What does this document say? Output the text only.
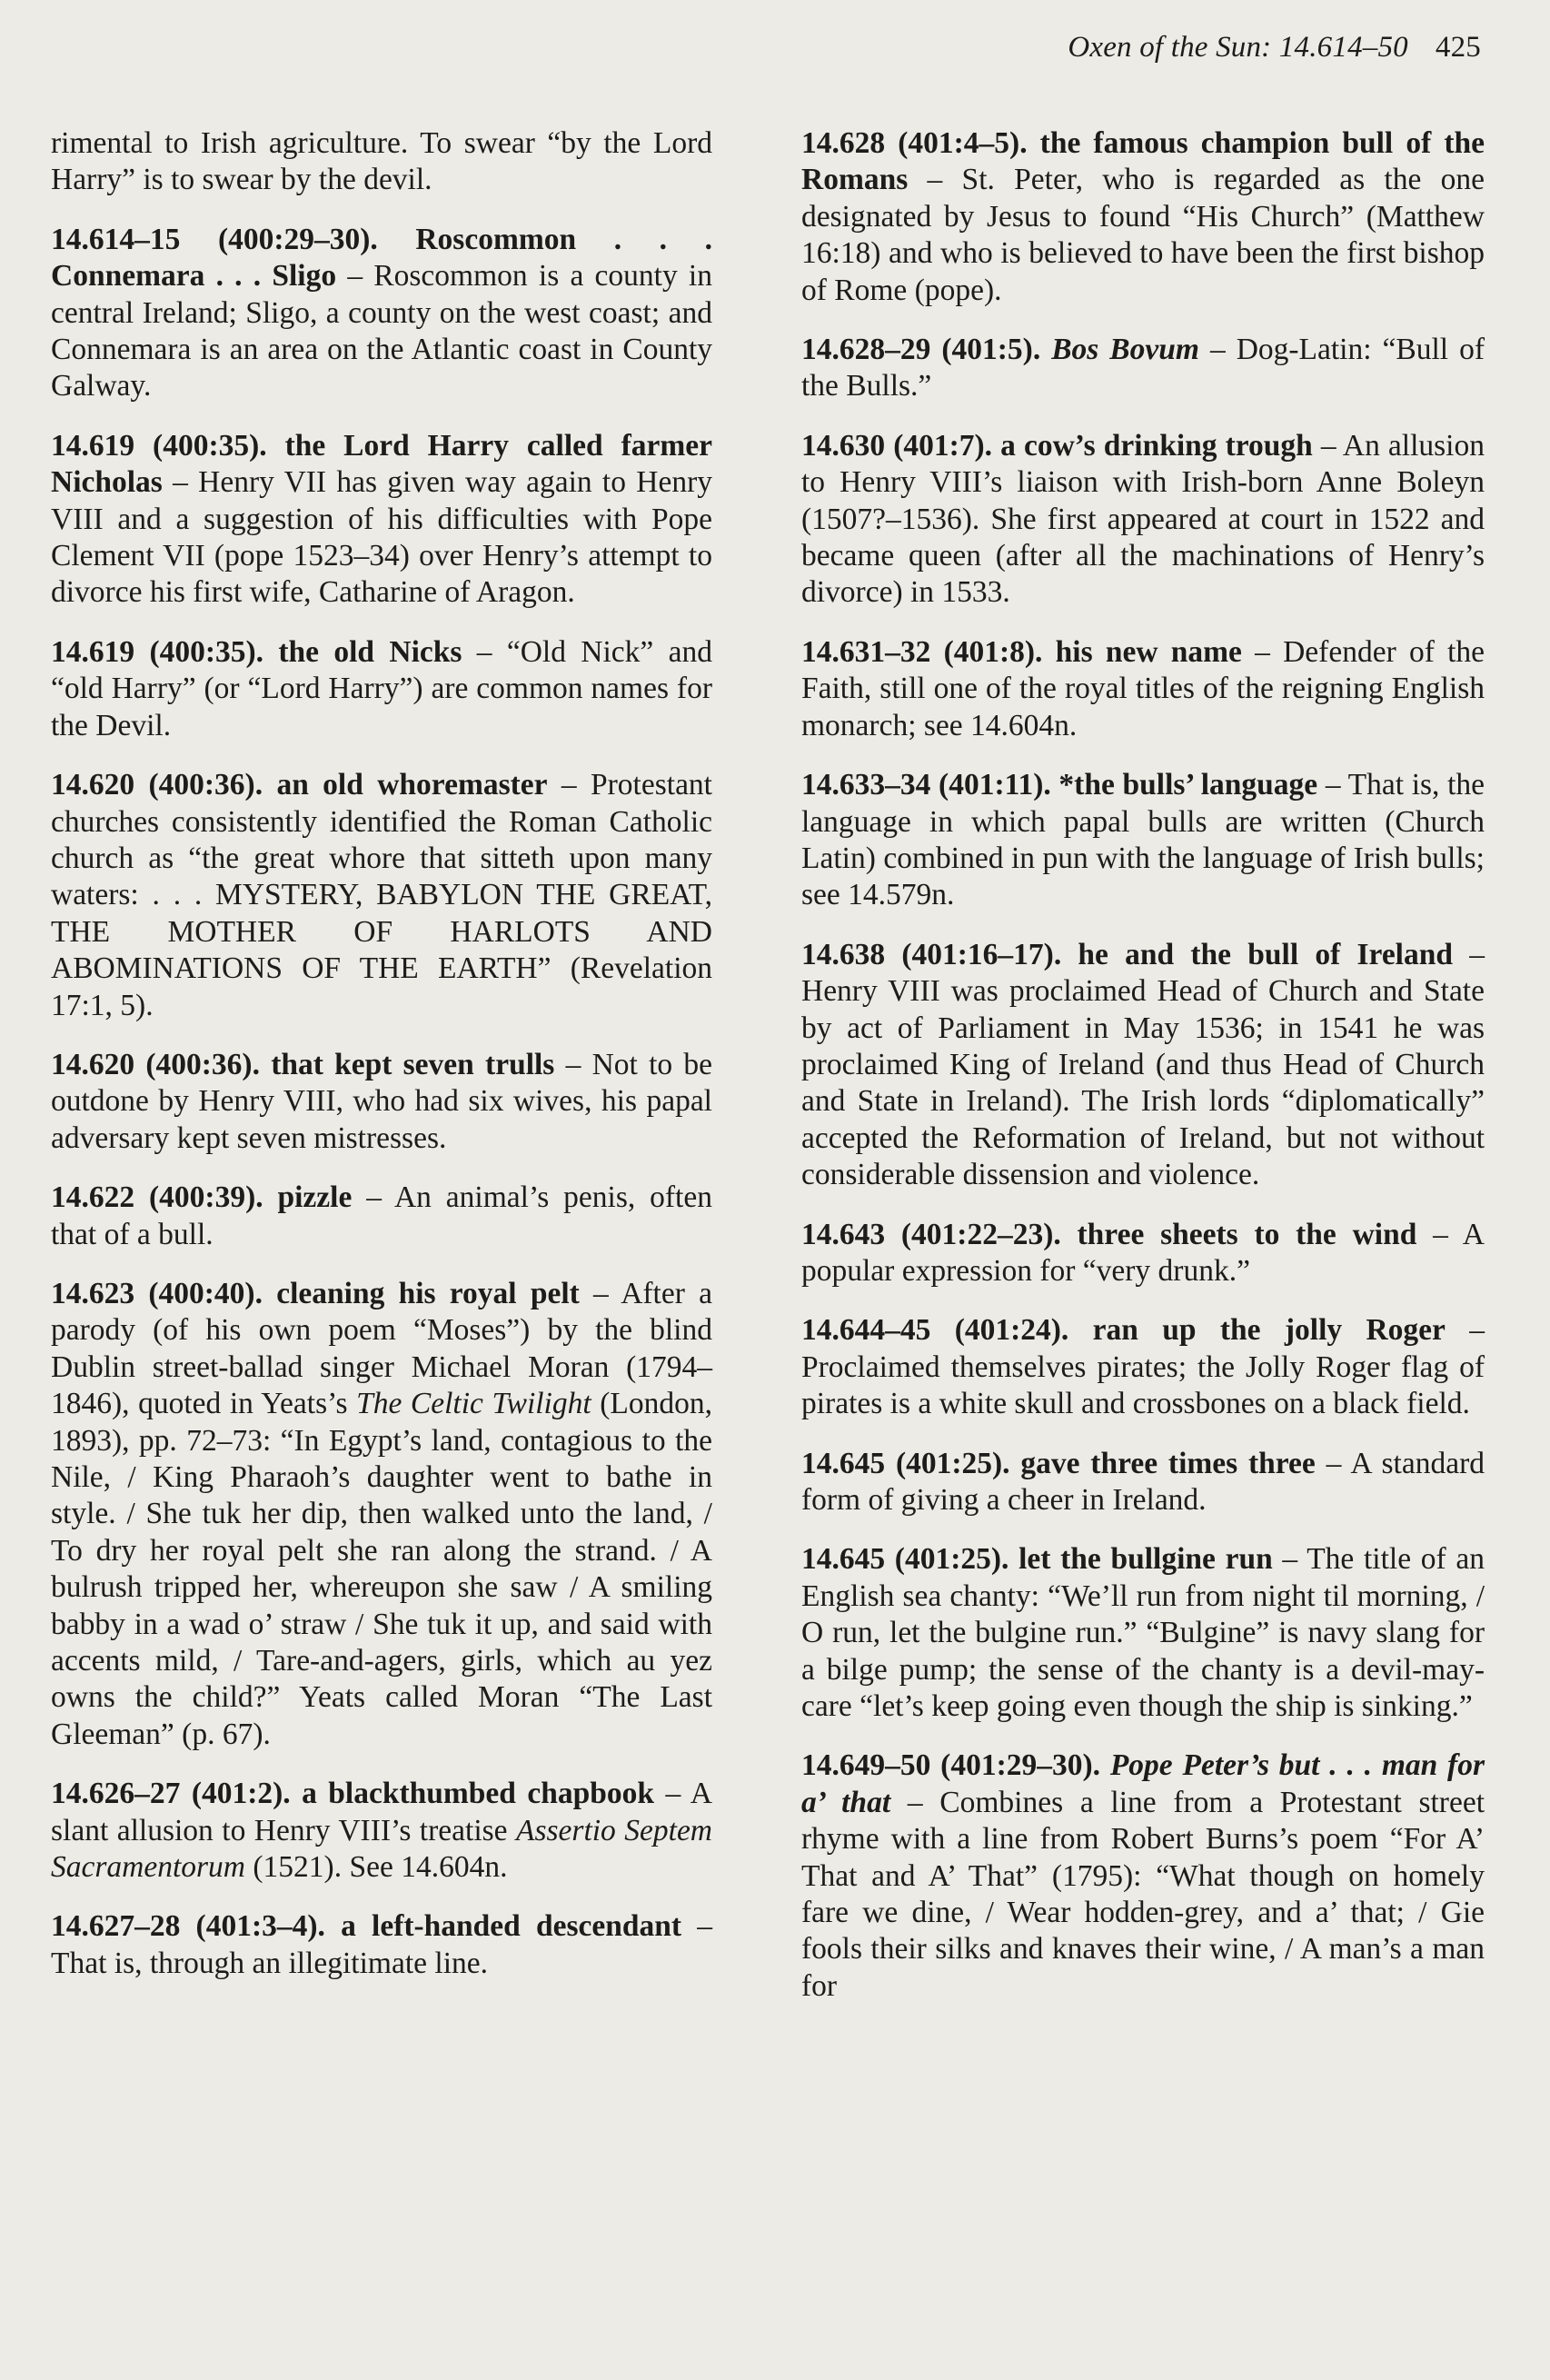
Oxen of the Sun: 14.614–50 425

rimental to Irish agriculture. To swear “by the Lord Harry” is to swear by the devil.

14.614–15 (400:29–30). Roscommon . . . Connemara . . . Sligo – Roscommon is a county in central Ireland; Sligo, a county on the west coast; and Connemara is an area on the Atlantic coast in County Galway.

14.619 (400:35). the Lord Harry called farmer Nicholas – Henry VII has given way again to Henry VIII and a suggestion of his difficulties with Pope Clement VII (pope 1523–34) over Henry’s attempt to divorce his first wife, Catharine of Aragon.

14.619 (400:35). the old Nicks – “Old Nick” and “old Harry” (or “Lord Harry”) are common names for the Devil.

14.620 (400:36). an old whoremaster – Protestant churches consistently identified the Roman Catholic church as “the great whore that sitteth upon many waters: . . . MYSTERY, BABYLON THE GREAT, THE MOTHER OF HARLOTS AND ABOMINATIONS OF THE EARTH” (Revelation 17:1, 5).

14.620 (400:36). that kept seven trulls – Not to be outdone by Henry VIII, who had six wives, his papal adversary kept seven mistresses.

14.622 (400:39). pizzle – An animal’s penis, often that of a bull.

14.623 (400:40). cleaning his royal pelt – After a parody (of his own poem “Moses”) by the blind Dublin street-ballad singer Michael Moran (1794–1846), quoted in Yeats’s The Celtic Twilight (London, 1893), pp. 72–73: “In Egypt’s land, contagious to the Nile, / King Pharaoh’s daughter went to bathe in style. / She tuk her dip, then walked unto the land, / To dry her royal pelt she ran along the strand. / A bulrush tripped her, whereupon she saw / A smiling babby in a wad o’ straw / She tuk it up, and said with accents mild, / Tare-and-agers, girls, which au yez owns the child?” Yeats called Moran “The Last Gleeman” (p. 67).

14.626–27 (401:2). a blackthumbed chapbook – A slant allusion to Henry VIII’s treatise Assertio Septem Sacramentorum (1521). See 14.604n.

14.627–28 (401:3–4). a left-handed descendant – That is, through an illegitimate line.

14.628 (401:4–5). the famous champion bull of the Romans – St. Peter, who is regarded as the one designated by Jesus to found “His Church” (Matthew 16:18) and who is believed to have been the first bishop of Rome (pope).

14.628–29 (401:5). Bos Bovum – Dog-Latin: “Bull of the Bulls.”

14.630 (401:7). a cow’s drinking trough – An allusion to Henry VIII’s liaison with Irish-born Anne Boleyn (1507?–1536). She first appeared at court in 1522 and became queen (after all the machinations of Henry’s divorce) in 1533.

14.631–32 (401:8). his new name – Defender of the Faith, still one of the royal titles of the reigning English monarch; see 14.604n.

14.633–34 (401:11). *the bulls’ language – That is, the language in which papal bulls are written (Church Latin) combined in pun with the language of Irish bulls; see 14.579n.

14.638 (401:16–17). he and the bull of Ireland – Henry VIII was proclaimed Head of Church and State by act of Parliament in May 1536; in 1541 he was proclaimed King of Ireland (and thus Head of Church and State in Ireland). The Irish lords “diplomatically” accepted the Reformation of Ireland, but not without considerable dissension and violence.

14.643 (401:22–23). three sheets to the wind – A popular expression for “very drunk.”

14.644–45 (401:24). ran up the jolly Roger – Proclaimed themselves pirates; the Jolly Roger flag of pirates is a white skull and crossbones on a black field.

14.645 (401:25). gave three times three – A standard form of giving a cheer in Ireland.

14.645 (401:25). let the bullgine run – The title of an English sea chanty: “We’ll run from night til morning, / O run, let the bulgine run.” “Bulgine” is navy slang for a bilge pump; the sense of the chanty is a devil-may-care “let’s keep going even though the ship is sinking.”

14.649–50 (401:29–30). Pope Peter’s but . . . man for a’ that – Combines a line from a Protestant street rhyme with a line from Robert Burns’s poem “For A’ That and A’ That” (1795): “What though on homely fare we dine, / Wear hodden-grey, and a’ that; / Gie fools their silks and knaves their wine, / A man’s a man for
